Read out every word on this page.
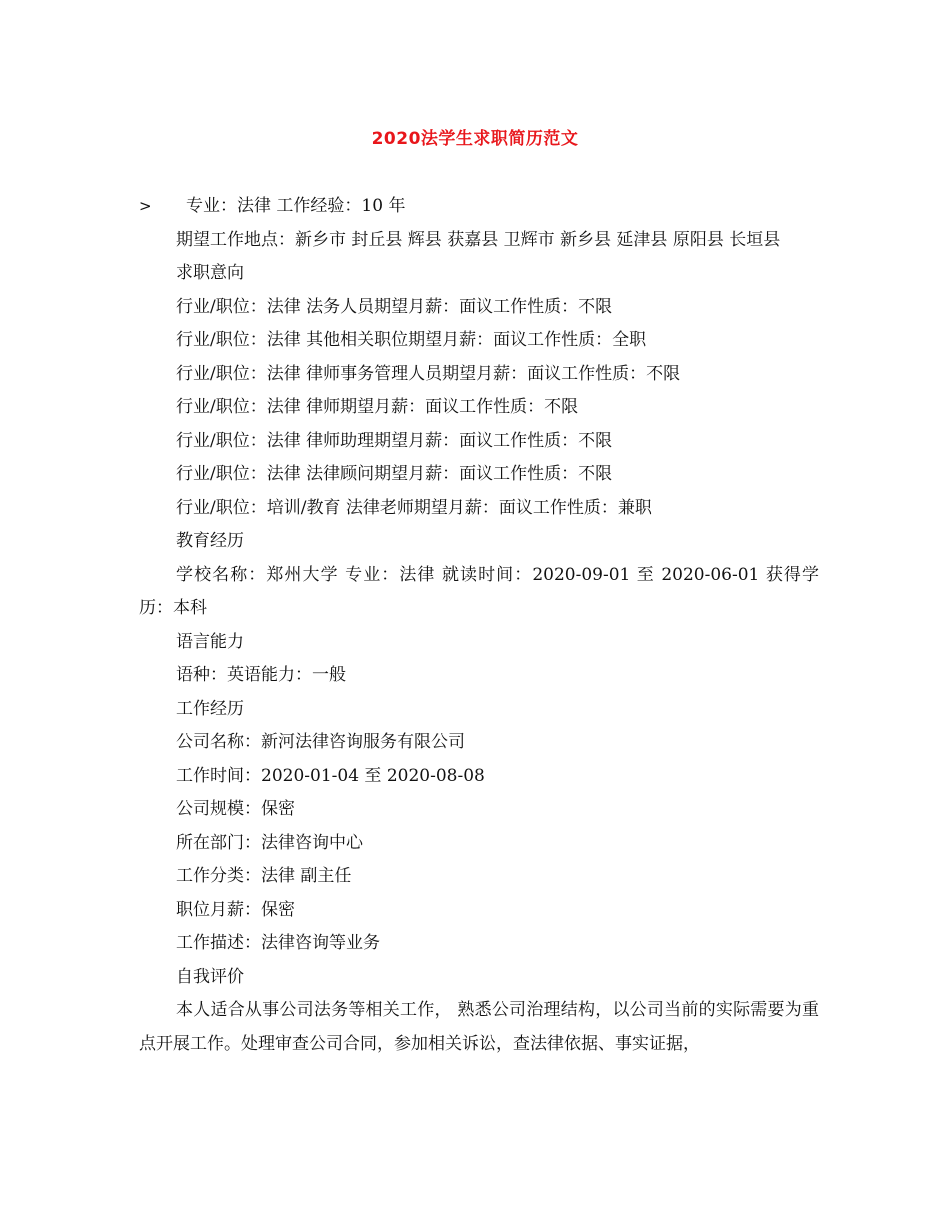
2020法学生求职简历范文
> 专业：法律 工作经验：10 年
期望工作地点：新乡市 封丘县 辉县 获嘉县 卫辉市 新乡县 延津县 原阳县 长垣县
求职意向
行业/职位：法律 法务人员期望月薪：面议工作性质：不限
行业/职位：法律 其他相关职位期望月薪：面议工作性质：全职
行业/职位：法律 律师事务管理人员期望月薪：面议工作性质：不限
行业/职位：法律 律师期望月薪：面议工作性质：不限
行业/职位：法律 律师助理期望月薪：面议工作性质：不限
行业/职位：法律 法律顾问期望月薪：面议工作性质：不限
行业/职位：培训/教育 法律老师期望月薪：面议工作性质：兼职
教育经历
学校名称：郑州大学 专业：法律 就读时间：2020-09-01 至 2020-06-01 获得学历：本科
语言能力
语种：英语能力：一般
工作经历
公司名称：新河法律咨询服务有限公司
工作时间：2020-01-04 至 2020-08-08
公司规模：保密
所在部门：法律咨询中心
工作分类：法律 副主任
职位月薪：保密
工作描述：法律咨询等业务
自我评价
本人适合从事公司法务等相关工作， 熟悉公司治理结构，以公司当前的实际需要为重点开展工作。处理审查公司合同，参加相关诉讼，查法律依据、事实证据，
